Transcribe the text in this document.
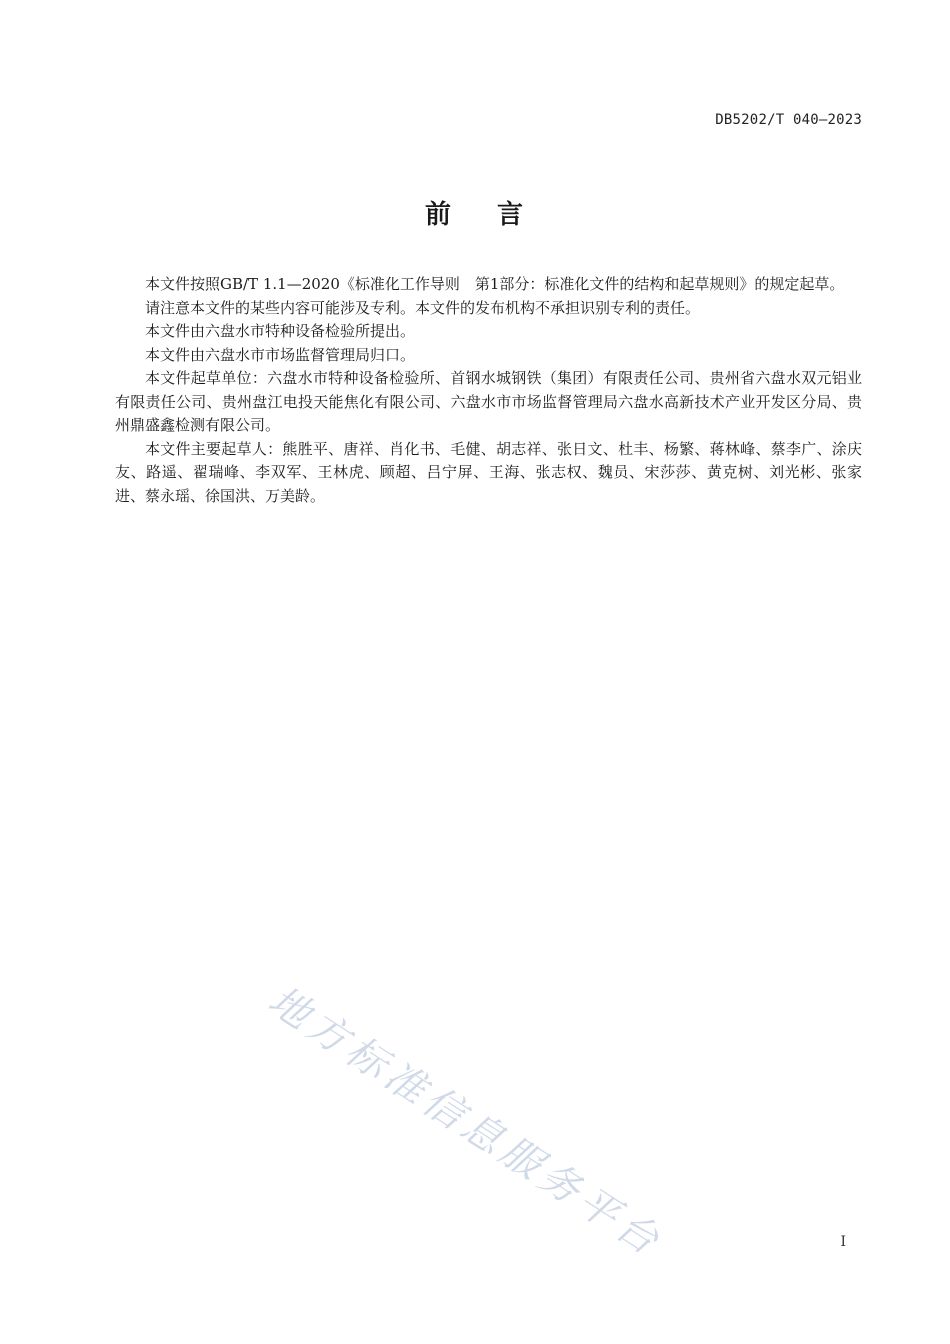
DB5202/T 040—2023
前 言

本文件按照GB/T 1.1—2020《标准化工作导则　第1部分：标准化文件的结构和起草规则》的规定起草。

请注意本文件的某些内容可能涉及专利。本文件的发布机构不承担识别专利的责任。

本文件由六盘水市特种设备检验所提出。

本文件由六盘水市市场监督管理局归口。

本文件起草单位：六盘水市特种设备检验所、首钢水城钢铁（集团）有限责任公司、贵州省六盘水双元铝业有限责任公司、贵州盘江电投天能焦化有限公司、六盘水市市场监督管理局六盘水高新技术产业开发区分局、贵州鼎盛鑫检测有限公司。

本文件主要起草人：熊胜平、唐祥、肖化书、毛健、胡志祥、张日文、杜丰、杨繁、蒋林峰、蔡李广、涂庆友、路遥、翟瑞峰、李双军、王林虎、顾超、吕宁屏、王海、张志权、魏员、宋莎莎、黄克树、刘光彬、张家进、蔡永瑶、徐国洪、万美龄。

地方标准信息服务平台	I
